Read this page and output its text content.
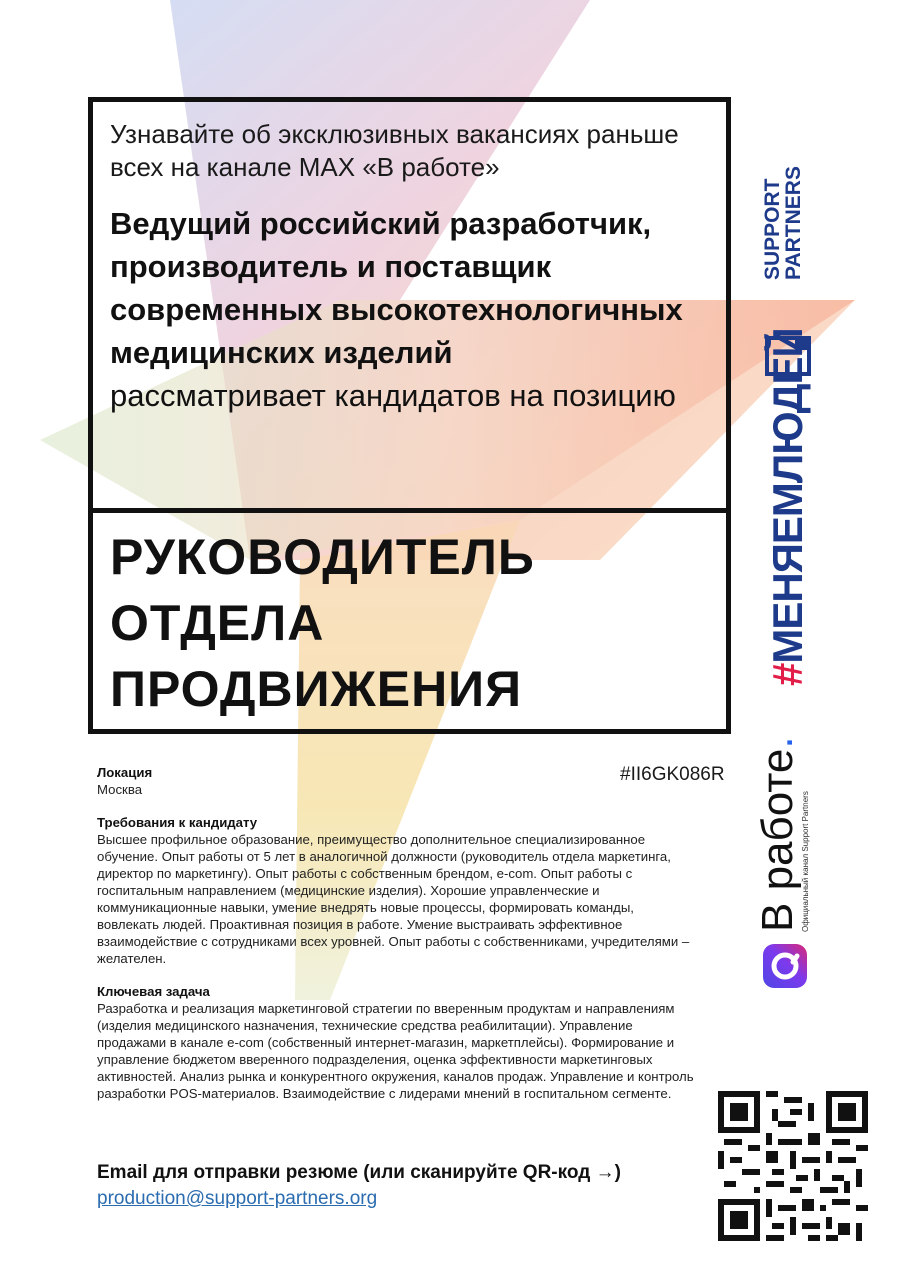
Узнавайте об эксклюзивных вакансиях раньше всех на канале MAX «В работе»
Ведущий российский разработчик, производитель и поставщик современных высокотехнологичных медицинских изделий
рассматривает кандидатов на позицию
РУКОВОДИТЕЛЬ
ОТДЕЛА
ПРОДВИЖЕНИЯ
SUPPORT
PARTNERS
#МЕНЯЕМЛЮДЕЙ
В работе.
Официальный канал Support Partners
#II6GK086R
Локация
Москва
Требования к кандидату
Высшее профильное образование, преимущество дополнительное специализированное обучение. Опыт работы от 5 лет в аналогичной должности (руководитель отдела маркетинга, директор по маркетингу). Опыт работы с собственным брендом, e-com. Опыт работы с госпитальным направлением (медицинские изделия). Хорошие управленческие и коммуникационные навыки, умение внедрять новые процессы, формировать команды, вовлекать людей. Проактивная позиция в работе. Умение выстраивать эффективное взаимодействие с сотрудниками всех уровней. Опыт работы с собственниками, учредителями – желателен.
Ключевая задача
Разработка и реализация маркетинговой стратегии по вверенным продуктам и направлениям (изделия медицинского назначения, технические средства реабилитации). Управление продажами в канале e-com (собственный интернет-магазин, маркетплейсы). Формирование и управление бюджетом вверенного подразделения, оценка эффективности маркетинговых активностей. Анализ рынка и конкурентного окружения, каналов продаж. Управление и контроль разработки POS-материалов. Взаимодействие с лидерами мнений в госпитальном сегменте.
Email для отправки резюме (или сканируйте QR-код →)
production@support-partners.org
